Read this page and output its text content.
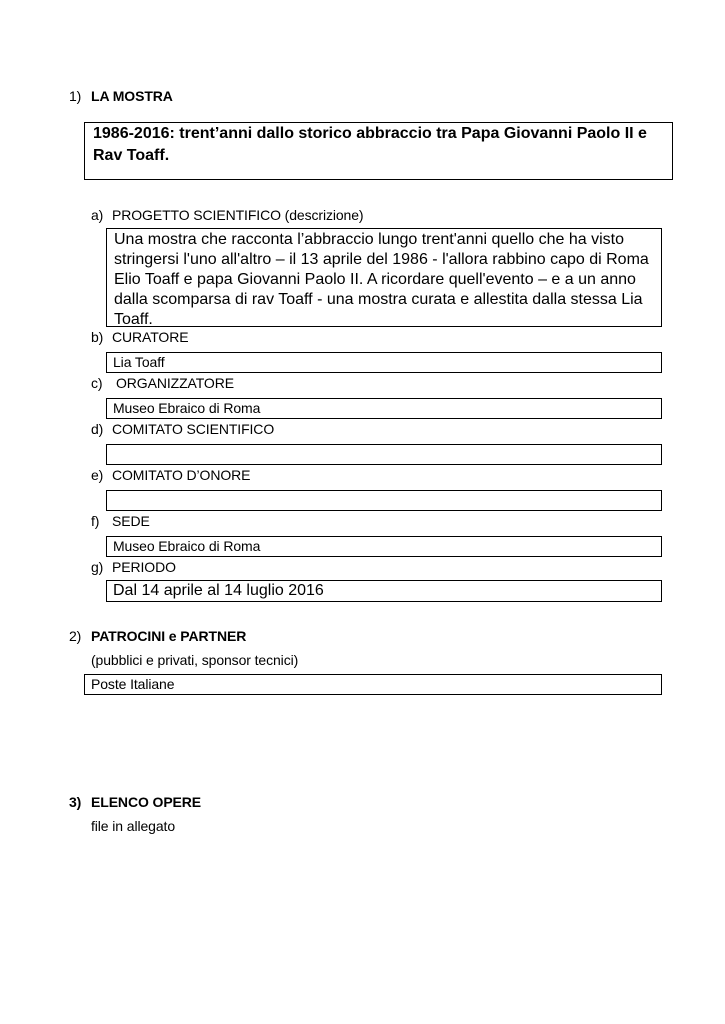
1) LA MOSTRA
1986-2016: trent’anni dallo storico abbraccio tra Papa Giovanni Paolo II e Rav Toaff.
a) PROGETTO SCIENTIFICO (descrizione)
Una mostra che racconta l’abbraccio lungo trent'anni quello che ha visto stringersi l'uno all'altro – il 13 aprile del 1986 - l'allora rabbino capo di Roma Elio Toaff e papa Giovanni Paolo II. A ricordare quell'evento – e a un anno dalla scomparsa di rav Toaff - una mostra curata e allestita dalla stessa Lia Toaff.
b) CURATORE
Lia Toaff
c) ORGANIZZATORE
Museo Ebraico di Roma
d) COMITATO SCIENTIFICO
e) COMITATO D’ONORE
f) SEDE
Museo Ebraico di Roma
g) PERIODO
Dal 14 aprile al 14 luglio 2016
2) PATROCINI e PARTNER
(pubblici e privati, sponsor tecnici)
Poste Italiane
3) ELENCO OPERE
file in allegato
